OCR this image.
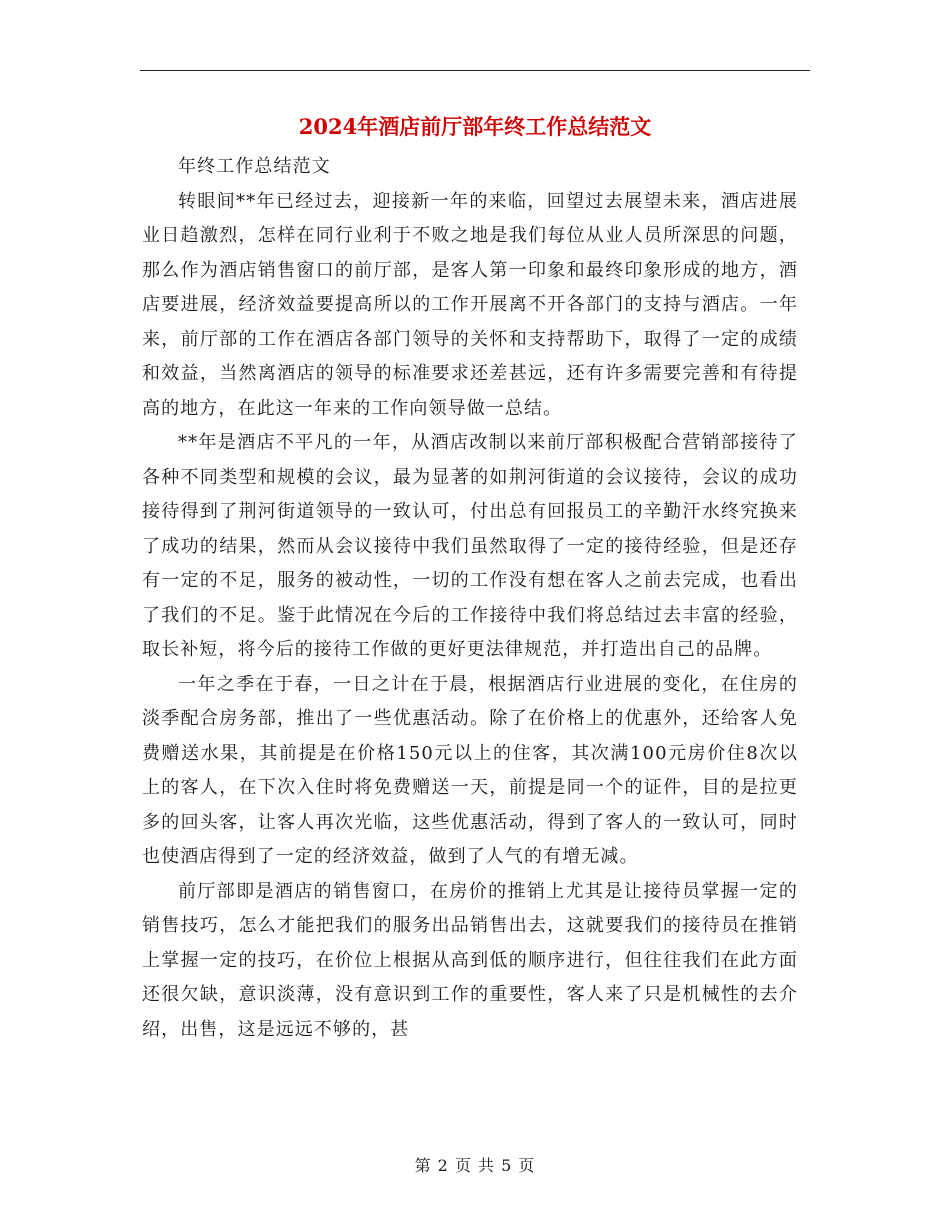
2024年酒店前厅部年终工作总结范文

年终工作总结范文

转眼间**年已经过去，迎接新一年的来临，回望过去展望未来，酒店进展业日趋激烈，怎样在同行业利于不败之地是我们每位从业人员所深思的问题，那么作为酒店销售窗口的前厅部，是客人第一印象和最终印象形成的地方，酒店要进展，经济效益要提高所以的工作开展离不开各部门的支持与酒店。一年来，前厅部的工作在酒店各部门领导的关怀和支持帮助下，取得了一定的成绩和效益，当然离酒店的领导的标准要求还差甚远，还有许多需要完善和有待提高的地方，在此这一年来的工作向领导做一总结。

**年是酒店不平凡的一年，从酒店改制以来前厅部积极配合营销部接待了各种不同类型和规模的会议，最为显著的如荆河街道的会议接待，会议的成功接待得到了荆河街道领导的一致认可，付出总有回报员工的辛勤汗水终究换来了成功的结果，然而从会议接待中我们虽然取得了一定的接待经验，但是还存有一定的不足，服务的被动性，一切的工作没有想在客人之前去完成，也看出了我们的不足。鉴于此情况在今后的工作接待中我们将总结过去丰富的经验，取长补短，将今后的接待工作做的更好更法律规范，并打造出自己的品牌。

一年之季在于春，一日之计在于晨，根据酒店行业进展的变化，在住房的淡季配合房务部，推出了一些优惠活动。除了在价格上的优惠外，还给客人免费赠送水果，其前提是在价格150元以上的住客，其次满100元房价住8次以上的客人，在下次入住时将免费赠送一天，前提是同一个的证件，目的是拉更多的回头客，让客人再次光临，这些优惠活动，得到了客人的一致认可，同时也使酒店得到了一定的经济效益，做到了人气的有增无减。

前厅部即是酒店的销售窗口，在房价的推销上尤其是让接待员掌握一定的销售技巧，怎么才能把我们的服务出品销售出去，这就要我们的接待员在推销上掌握一定的技巧，在价位上根据从高到低的顺序进行，但往往我们在此方面还很欠缺，意识淡薄，没有意识到工作的重要性，客人来了只是机械性的去介绍，出售，这是远远不够的，甚

第 2 页 共 5 页
